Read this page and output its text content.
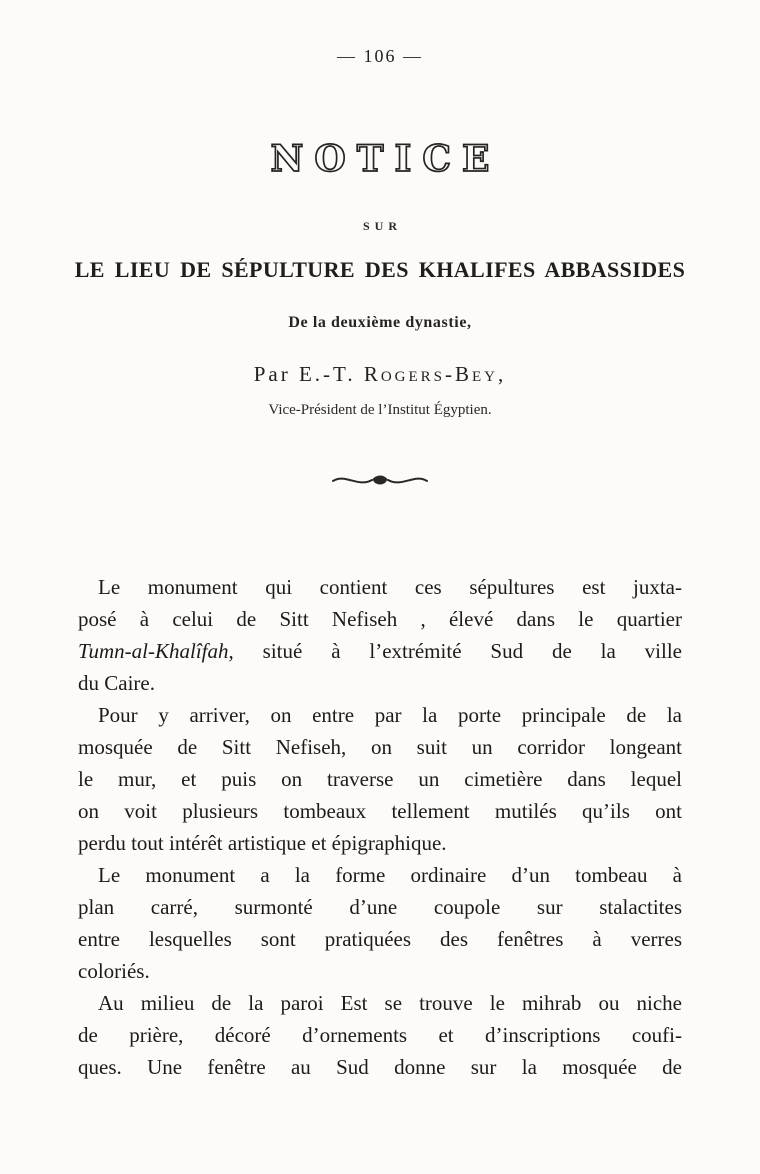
— 106 —
NOTICE
SUR
LE LIEU DE SÉPULTURE DES KHALIFES ABBASSIDES
De la deuxième dynastie,
Par E.-T. Rogers-Bey,
Vice-Président de l’Institut Égyptien.
Le monument qui contient ces sépultures est juxta-
posé à celui de Sitt Nefiseh , élevé dans le quartier
Tumn-al-Khalîfah, situé à l’extrémité Sud de la ville
du Caire.
Pour y arriver, on entre par la porte principale de la
mosquée de Sitt Nefiseh, on suit un corridor longeant
le mur, et puis on traverse un cimetière dans lequel
on voit plusieurs tombeaux tellement mutilés qu’ils ont
perdu tout intérêt artistique et épigraphique.
Le monument a la forme ordinaire d’un tombeau à
plan carré, surmonté d’une coupole sur stalactites
entre lesquelles sont pratiquées des fenêtres à verres
coloriés.
Au milieu de la paroi Est se trouve le mihrab ou niche
de prière, décoré d’ornements et d’inscriptions coufi-
ques. Une fenêtre au Sud donne sur la mosquée de
